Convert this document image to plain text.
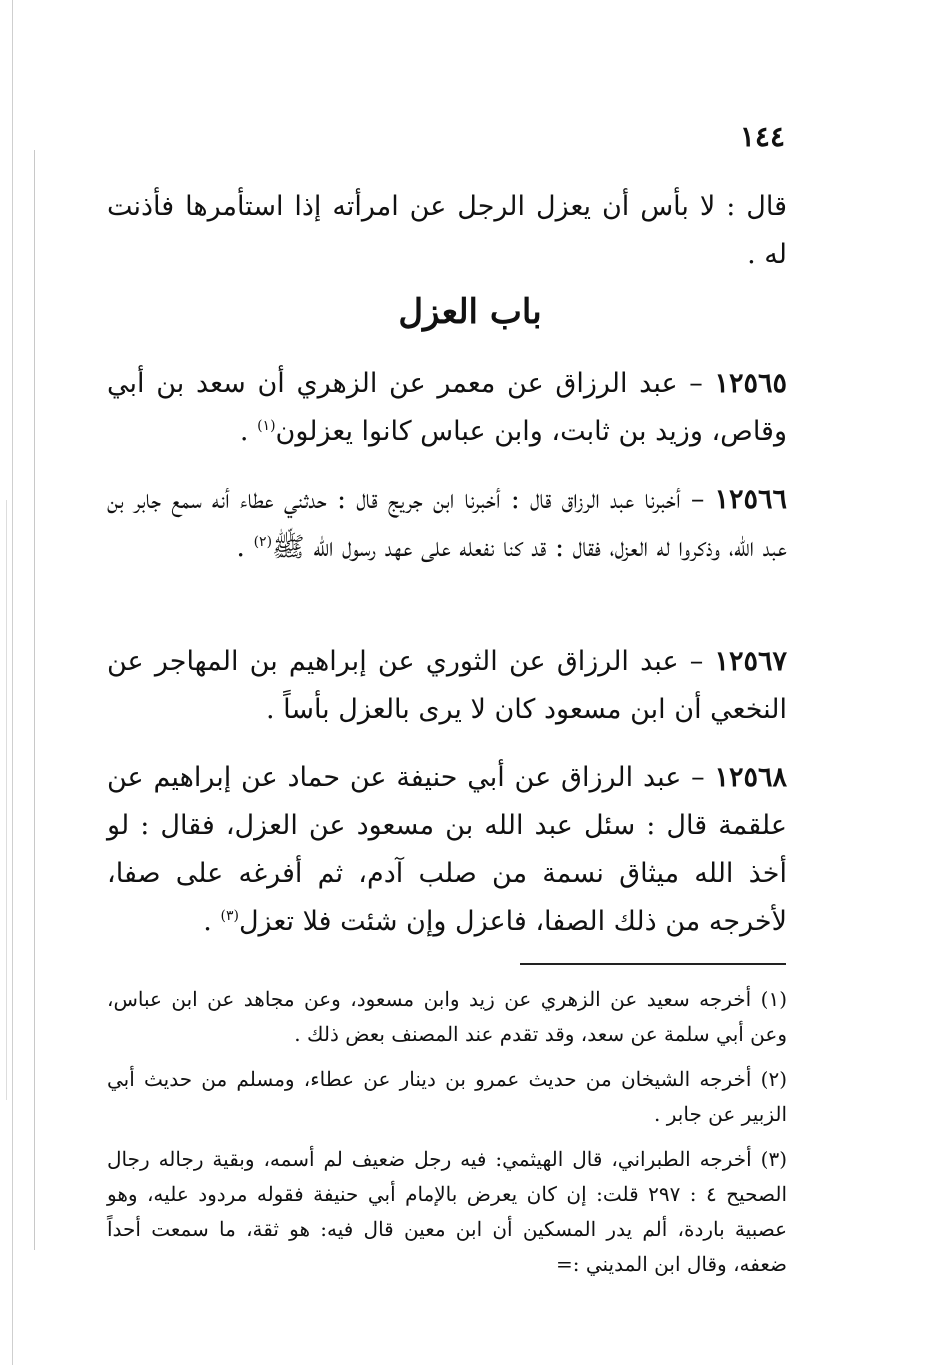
١٤٤
قال : لا بأس أن يعزل الرجل عن امرأته إذا استأمرها فأذنت له .
باب العزل

١٢٥٦٥ – عبد الرزاق عن معمر عن الزهري أن سعد بن أبي وقاص، وزيد بن ثابت، وابن عباس كانوا يعزلون$^{(١)}$ .

١٢٥٦٦ – أخبرنا عبد الرزاق قال : أخبرنا ابن جريج قال : حدثني عطاء أنه سمع جابر بن عبد الله، وذكروا له العزل، فقال : قد كنا نفعله على عهد رسول الله ﷺ$^{(٢)}$ .

١٢٥٦٧ – عبد الرزاق عن الثوري عن إبراهيم بن المهاجر عن النخعي أن ابن مسعود كان لا يرى بالعزل بأساً .

١٢٥٦٨ – عبد الرزاق عن أبي حنيفة عن حماد عن إبراهيم عن علقمة قال : سئل عبد الله بن مسعود عن العزل، فقال : لو أخذ الله ميثاق نسمة من صلب آدم، ثم أفرغه على صفا، لأخرجه من ذلك الصفا، فاعزل وإن شئت فلا تعزل$^{(٣)}$ .

(١) أخرجه سعيد عن الزهري عن زيد وابن مسعود، وعن مجاهد عن ابن عباس، وعن أبي سلمة عن سعد، وقد تقدم عند المصنف بعض ذلك .

(٢) أخرجه الشيخان من حديث عمرو بن دينار عن عطاء، ومسلم من حديث أبي الزبير عن جابر .

(٣) أخرجه الطبراني، قال الهيثمي: فيه رجل ضعيف لم أسمه، وبقية رجاله رجال الصحيح ٤ : ٢٩٧ قلت: إن كان يعرض بالإمام أبي حنيفة فقوله مردود عليه، وهو عصبية باردة، ألم يدر المسكين أن ابن معين قال فيه: هو ثقة، ما سمعت أحداً ضعفه، وقال ابن المديني :=
